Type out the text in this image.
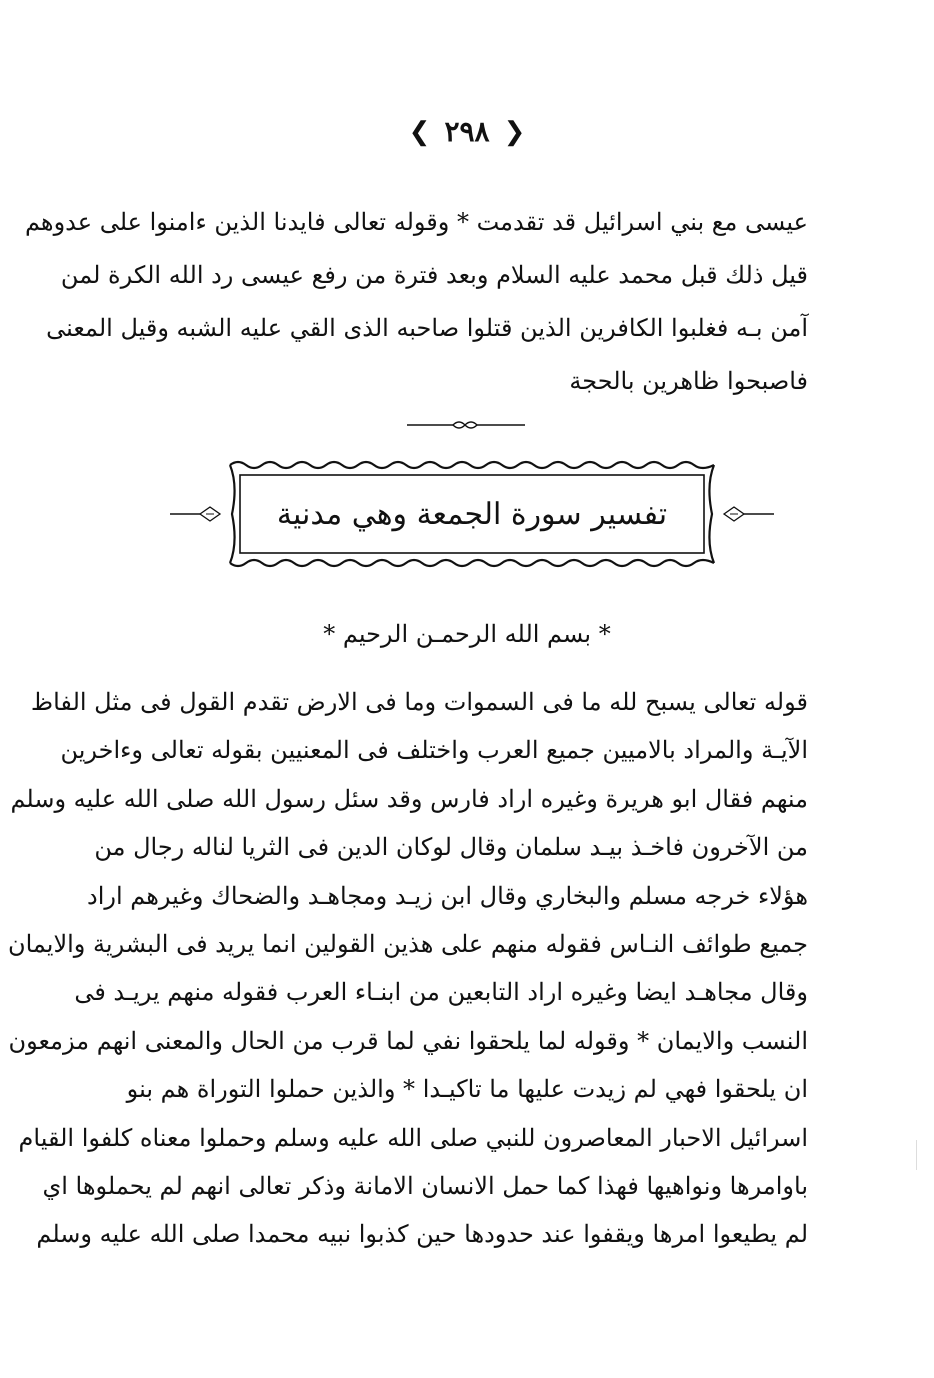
❮ ٢٩٨ ❯
عيسى مع بني اسرائيل قد تقدمت * وقوله تعالى فايدنا الذين ءامنوا على عدوهم
قيل ذلك قبل محمد عليه السلام وبعد فترة من رفع عيسى رد الله الكرة لمن
آمن بـه فغلبوا الكافرين الذين قتلوا صاحبه الذى القي عليه الشبه وقيل المعنى
فاصبحوا ظاهرين بالحجة
تفسير سورة الجمعة وهي مدنية
* بسم الله الرحمـن الرحيم *
قوله تعالى يسبح لله ما فى السموات وما فى الارض تقدم القول فى مثل الفاظ
الآيـة والمراد بالاميين جميع العرب واختلف فى المعنيين بقوله تعالى وءاخرين
منهم فقال ابو هريرة وغيره اراد فارس وقد سئل رسول الله صلى الله عليه وسلم
من الآخرون فاخـذ بيـد سلمان وقال لوكان الدين فى الثريا لناله رجال من
هؤلاء خرجه مسلم والبخاري وقال ابن زيـد ومجاهـد والضحاك وغيرهم اراد
جميع طوائف النـاس فقوله منهم على هذين القولين انما يريد فى البشرية والايمان
وقال مجاهـد ايضا وغيره اراد التابعين من ابنـاء العرب فقوله منهم يريـد فى
النسب والايمان * وقوله لما يلحقوا نفي لما قرب من الحال والمعنى انهم مزمعون
ان يلحقوا فهي لم زيدت عليها ما تاكيـدا * والذين حملوا التوراة هم بنو
اسرائيل الاحبار المعاصرون للنبي صلى الله عليه وسلم وحملوا معناه كلفوا القيام
باوامرها ونواهيها فهذا كما حمل الانسان الامانة وذكر تعالى انهم لم يحملوها اي
لم يطيعوا امرها ويقفوا عند حدودها حين كذبوا نبيه محمدا صلى الله عليه وسلم
